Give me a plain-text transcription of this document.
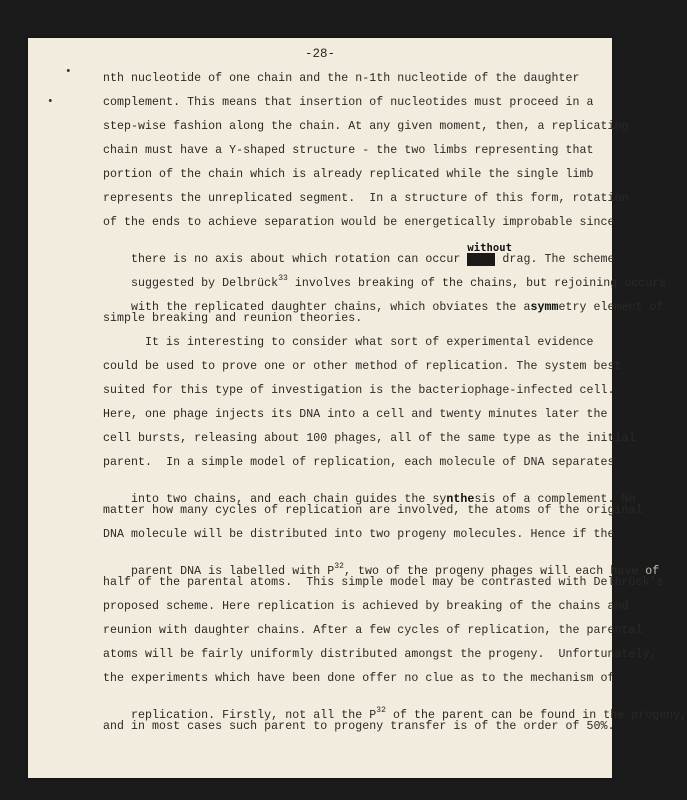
-28-
•
•
nth nucleotide of one chain and the n-1th nucleotide of the daughter
complement. This means that insertion of nucleotides must proceed in a
step-wise fashion along the chain. At any given moment, then, a replicating
chain must have a Y-shaped structure - the two limbs representing that
portion of the chain which is already replicated while the single limb
represents the unreplicated segment.  In a structure of this form, rotation
of the ends to achieve separation would be energetically improbable since

there is no axis about which rotation can occur
without
with drag. The scheme

suggested by Delbrück$^{33}$ involves breaking of the chains, but rejoining occurs

with the replicated daughter chains, which obviates the asymmetry element of

simple breaking and reunion theories.
It is interesting to consider what sort of experimental evidence
could be used to prove one or other method of replication. The system best
suited for this type of investigation is the bacteriophage-infected cell.
Here, one phage injects its DNA into a cell and twenty minutes later the
cell bursts, releasing about 100 phages, all of the same type as the initial
parent.  In a simple model of replication, each molecule of DNA separates

into two chains, and each chain guides the synthesis of a complement. No

matter how many cycles of replication are involved, the atoms of the original
DNA molecule will be distributed into two progeny molecules. Hence if the

parent DNA is labelled with P$^{32}$, two of the progeny phages will each have of

half of the parental atoms.  This simple model may be contrasted with Delbrück's
proposed scheme. Here replication is achieved by breaking of the chains and
reunion with daughter chains. After a few cycles of replication, the parental
atoms will be fairly uniformly distributed amongst the progeny.  Unfortunately,
the experiments which have been done offer no clue as to the mechanism of

replication. Firstly, not all the P$^{32}$ of the parent can be found in the progeny,

and in most cases such parent to progeny transfer is of the order of 50%.
